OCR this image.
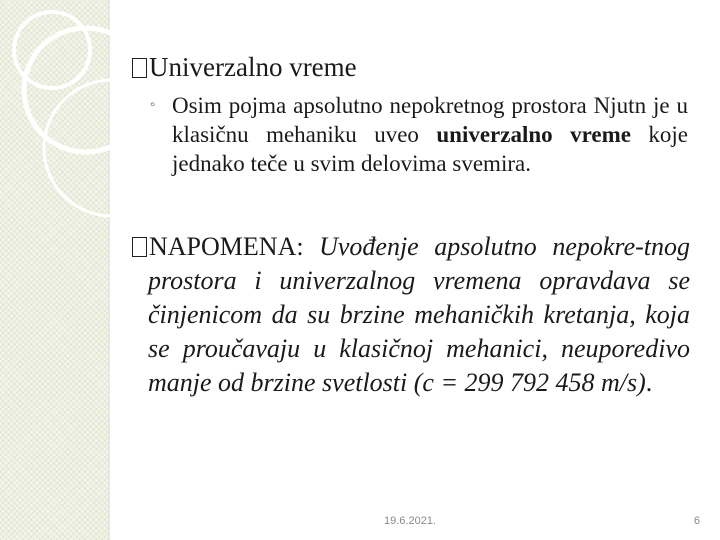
Univerzalno vreme
◦ Osim pojma apsolutno nepokretnog prostora Njutn je u klasičnu mehaniku uveo univerzalno vreme koje jednako teče u svim delovima svemira.

NAPOMENA: Uvođenje apsolutno nepokre-tnog prostora i univerzalnog vremena opravdava se činjenicom da su brzine mehaničkih kretanja, koja se proučavaju u klasičnoj mehanici, neuporedivo manje od brzine svetlosti (c = 299 792 458 m/s).

19.6.2021.	6
